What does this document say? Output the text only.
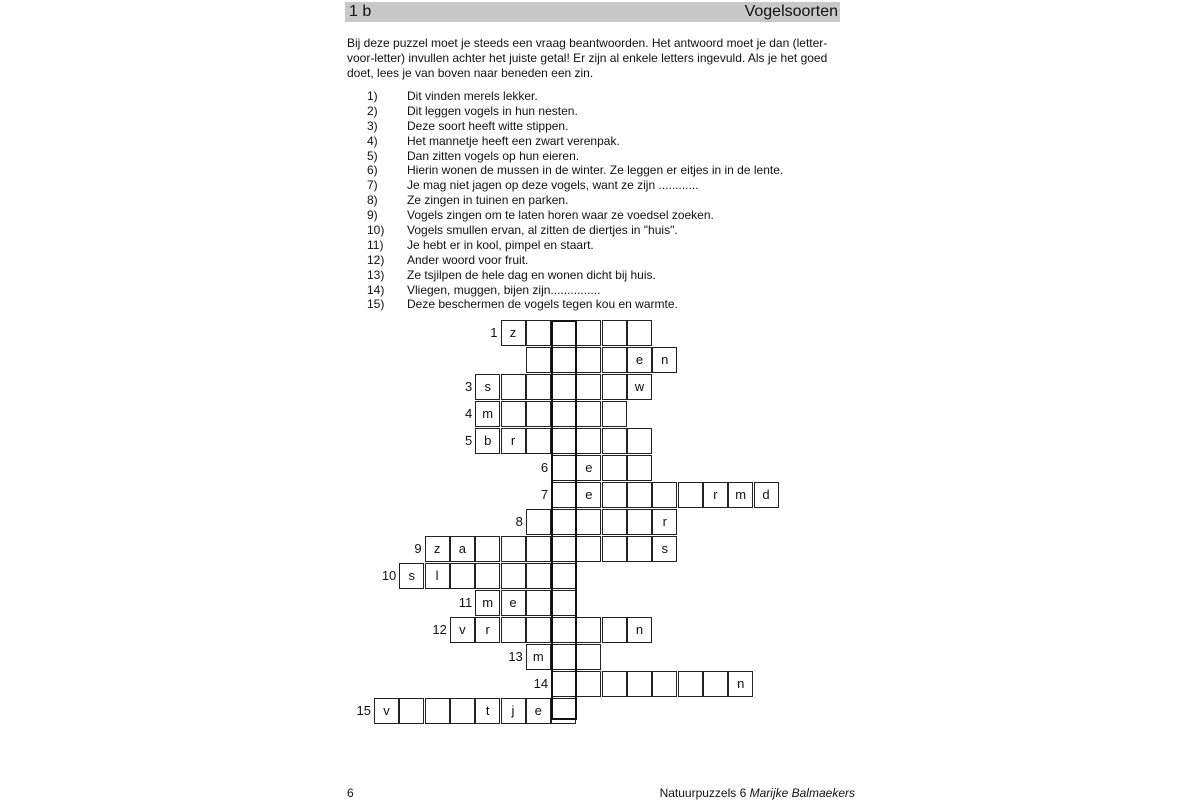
1 b	Vogelsoorten

Bij deze puzzel moet je steeds een vraag beantwoorden. Het antwoord moet je dan (letter-voor-letter) invullen achter het juiste getal! Er zijn al enkele letters ingevuld. Als je het goed doet, lees je van boven naar beneden een zin.

1) Dit vinden merels lekker.
2) Dit leggen vogels in hun nesten.
3) Deze soort heeft witte stippen.
4) Het mannetje heeft een zwart verenpak.
5) Dan zitten vogels op hun eieren.
6) Hierin wonen de mussen in de winter. Ze leggen er eitjes in in de lente.
7) Je mag niet jagen op deze vogels, want ze zijn ............
8) Ze zingen in tuinen en parken.
9) Vogels zingen om te laten horen waar ze voedsel zoeken.
10) Vogels smullen ervan, al zitten de diertjes in "huis".
11) Je hebt er in kool, pimpel en staart.
12) Ander woord voor fruit.
13) Ze tsjilpen de hele dag en wonen dicht bij huis.
14) Vliegen, muggen, bijen zijn...............
15) Deze beschermen de vogels tegen kou en warmte.
1 z
e	n
3 s	w
4 m
5 b	r
6	e
7	e	r	m	d
8	r
9 z	a	s
10 s	l
11 m	e
12 v	r	n
13 m
14	n
15 v	t	j	e
6	Natuurpuzzels 6 Marijke Balmaekers
